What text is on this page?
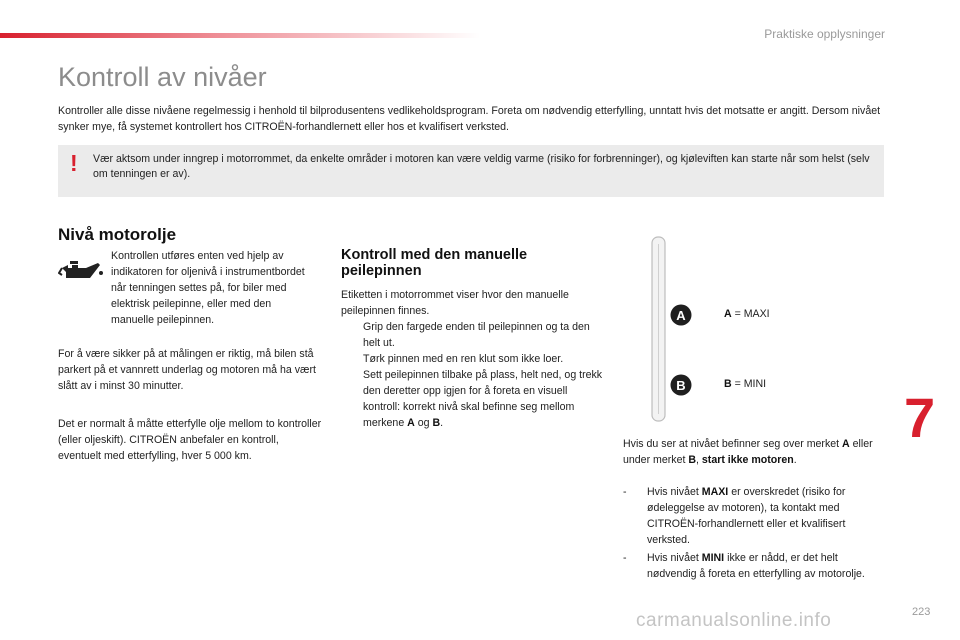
Praktiske opplysninger
Kontroll av nivåer
Kontroller alle disse nivåene regelmessig i henhold til bilprodusentens vedlikeholdsprogram. Foreta om nødvendig etterfylling, unntatt hvis det motsatte er angitt. Dersom nivået synker mye, få systemet kontrollert hos CITROËN-forhandlernett eller hos et kvalifisert verksted.
! Vær aktsom under inngrep i motorrommet, da enkelte områder i motoren kan være veldig varme (risiko for forbrenninger), og kjøleviften kan starte når som helst (selv om tenningen er av).
Nivå motorolje
Kontrollen utføres enten ved hjelp av indikatoren for oljenivå i instrumentbordet når tenningen settes på, for biler med elektrisk peilepinne, eller med den manuelle peilepinnen.
For å være sikker på at målingen er riktig, må bilen stå parkert på et vannrett underlag og motoren må ha vært slått av i minst 30 minutter.
Det er normalt å måtte etterfylle olje mellom to kontroller (eller oljeskift). CITROËN anbefaler en kontroll, eventuelt med etterfylling, hver 5 000 km.
Kontroll med den manuelle peilepinnen
Etiketten i motorrommet viser hvor den manuelle peilepinnen finnes.
Grip den fargede enden til peilepinnen og ta den helt ut.
Tørk pinnen med en ren klut som ikke loer.
Sett peilepinnen tilbake på plass, helt ned, og trekk den deretter opp igjen for å foreta en visuell kontroll: korrekt nivå skal befinne seg mellom merkene A og B.
A
B
A = MAXI
B = MINI
Hvis du ser at nivået befinner seg over merket A eller under merket B, start ikke motoren.
- Hvis nivået MAXI er overskredet (risiko for ødeleggelse av motoren), ta kontakt med CITROËN-forhandlernett eller et kvalifisert verksted.
- Hvis nivået MINI ikke er nådd, er det helt nødvendig å foreta en etterfylling av motorolje.
7
223
carmanualsonline.info
